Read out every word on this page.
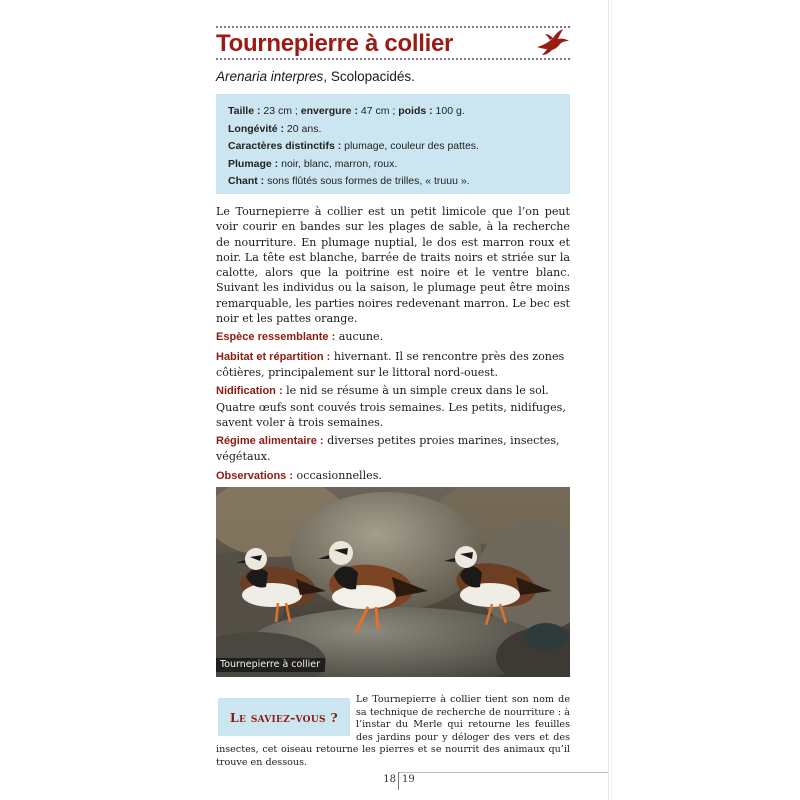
Tournepierre à collier
Arenaria interpres, Scolopacidés.
Taille : 23 cm ; envergure : 47 cm ; poids : 100 g.
Longévité : 20 ans.
Caractères distinctifs : plumage, couleur des pattes.
Plumage : noir, blanc, marron, roux.
Chant : sons flûtés sous formes de trilles, « truuu ».

Le Tournepierre à collier est un petit limicole que l’on peut voir courir en bandes sur les plages de sable, à la recherche de nourriture. En plumage nuptial, le dos est marron roux et noir. La tête est blanche, barrée de traits noirs et striée sur la calotte, alors que la poitrine est noire et le ventre blanc. Suivant les individus ou la saison, le plumage peut être moins remarquable, les parties noires redevenant marron. Le bec est noir et les pattes orange.

Espèce ressemblante : aucune.

Habitat et répartition : hivernant. Il se rencontre près des zones côtières, principalement sur le littoral nord-ouest.

Nidification : le nid se résume à un simple creux dans le sol. Quatre œufs sont couvés trois semaines. Les petits, nidifuges, savent voler à trois semaines.

Régime alimentaire : diverses petites proies marines, insectes, végétaux.

Observations : occasionnelles.

Tournepierre à collier
Le saviez-vous ?
Le Tournepierre à collier tient son nom de sa technique de recherche de nourriture : à l’instar du Merle qui retourne les feuilles des jardins pour y déloger des vers et des insectes, cet oiseau retourne les pierres et se nourrit des animaux qu’il trouve en dessous.
18 19
